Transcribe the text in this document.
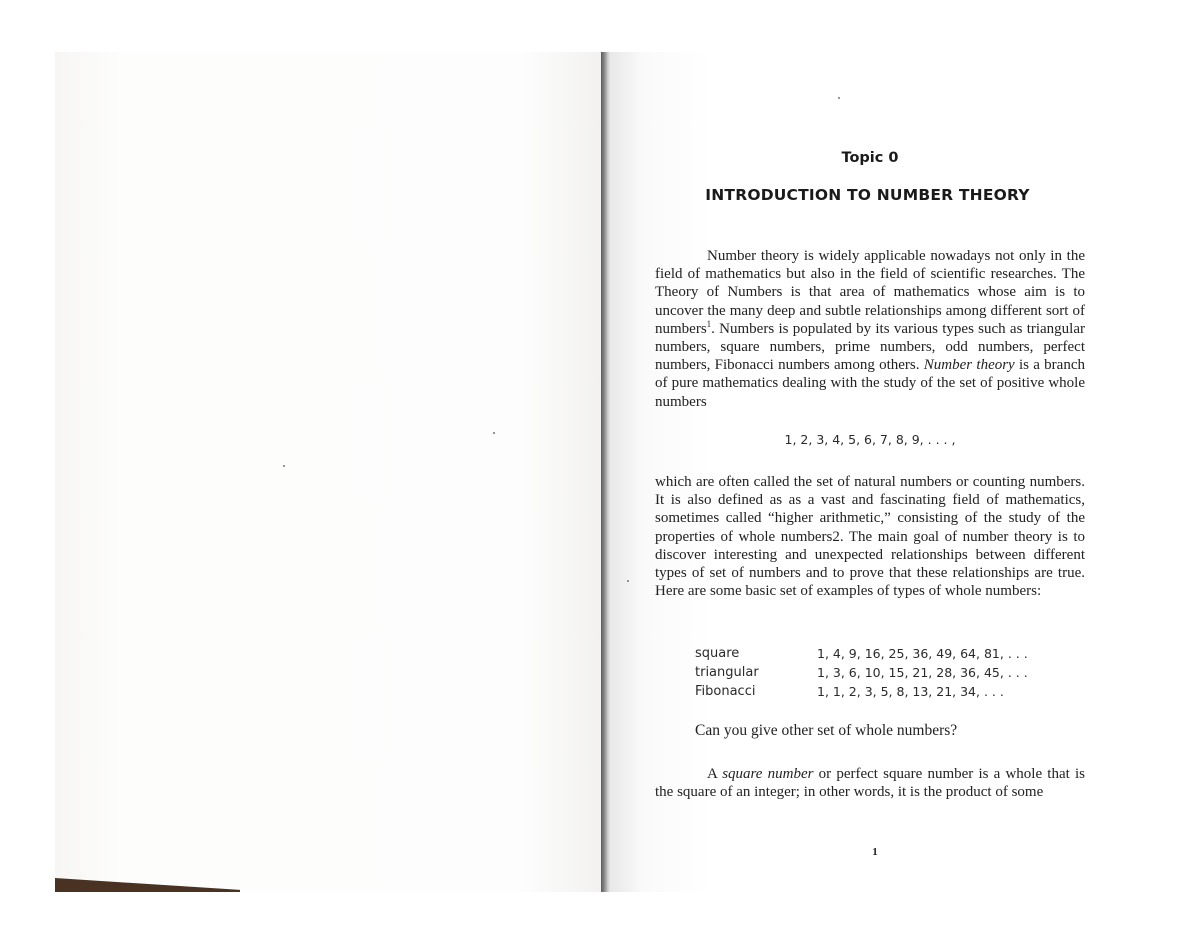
Topic 0
INTRODUCTION TO NUMBER THEORY
Number theory is widely applicable nowadays not only in the field of mathematics but also in the field of scientific researches. The Theory of Numbers is that area of mathematics whose aim is to uncover the many deep and subtle relationships among different sort of numbers$^1$. Numbers is populated by its various types such as triangular numbers, square numbers, prime numbers, odd numbers, perfect numbers, Fibonacci numbers among others. Number theory is a branch of pure mathematics dealing with the study of the set of positive whole numbers
1, 2, 3, 4, 5, 6, 7, 8, 9, . . . ,
which are often called the set of natural numbers or counting numbers. It is also defined as as a vast and fascinating field of mathematics, sometimes called “higher arithmetic,” consisting of the study of the properties of whole numbers2. The main goal of number theory is to discover interesting and unexpected relationships between different types of set of numbers and to prove that these relationships are true. Here are some basic set of examples of types of whole numbers:
square	1, 4, 9, 16, 25, 36, 49, 64, 81, . . .
triangular	1, 3, 6, 10, 15, 21, 28, 36, 45, . . .
Fibonacci	1, 1, 2, 3, 5, 8, 13, 21, 34, . . .
Can you give other set of whole numbers?
A square number or perfect square number is a whole that is the square of an integer; in other words, it is the product of some
1
